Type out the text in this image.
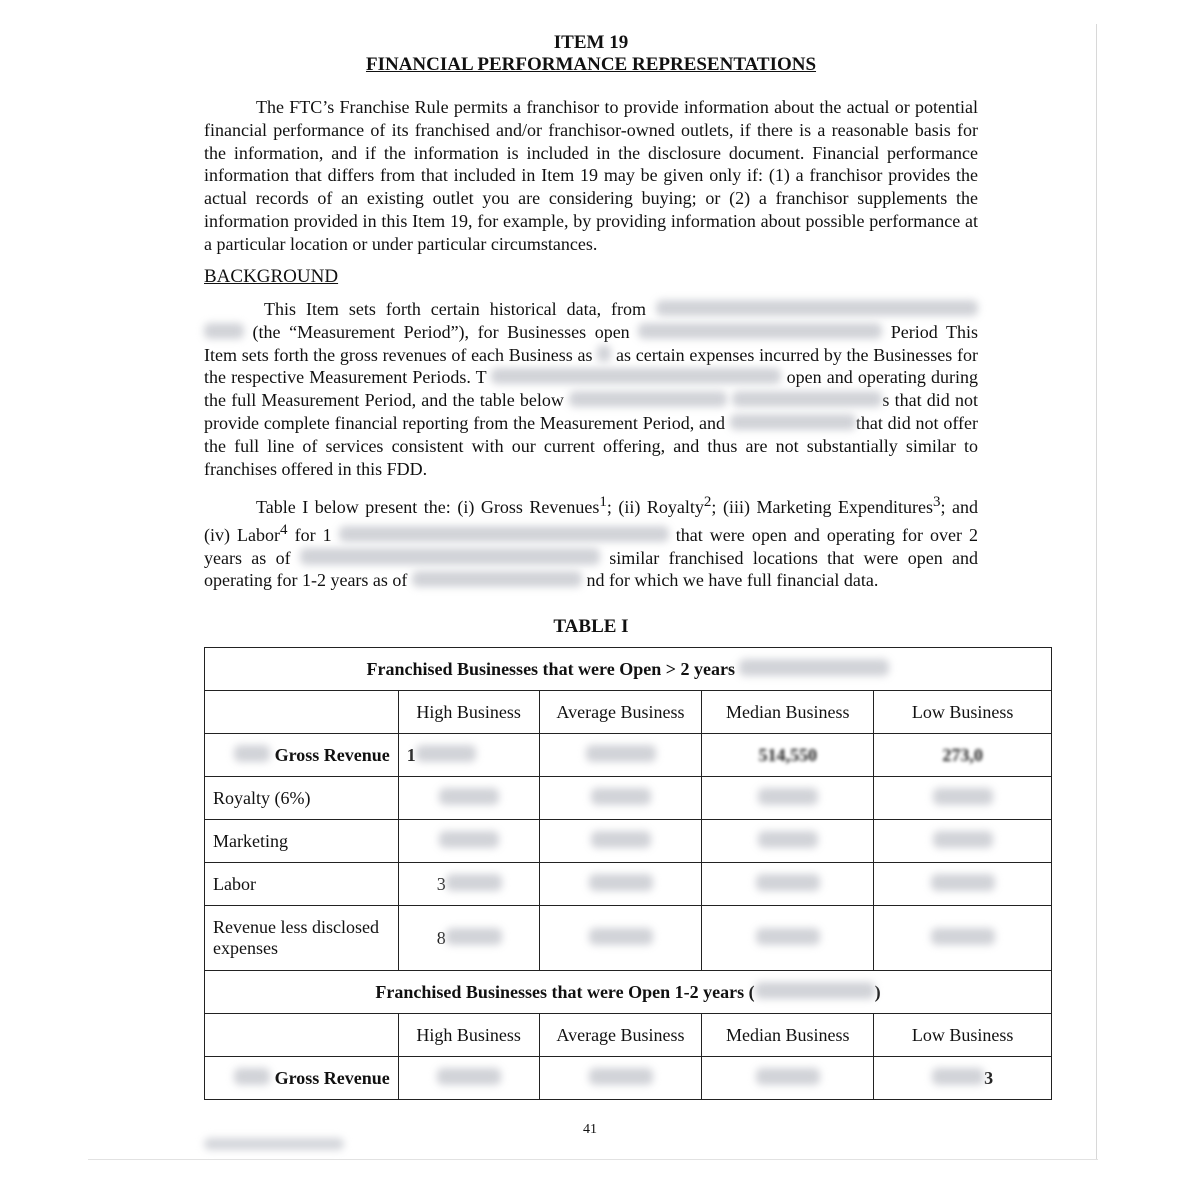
ITEM 19
FINANCIAL PERFORMANCE REPRESENTATIONS

The FTC’s Franchise Rule permits a franchisor to provide information about the actual or potential financial performance of its franchised and/or franchisor-owned outlets, if there is a reasonable basis for the information, and if the information is included in the disclosure document. Financial performance information that differs from that included in Item 19 may be given only if: (1) a franchisor provides the actual records of an existing outlet you are considering buying; or (2) a franchisor supplements the information provided in this Item 19, for example, by providing information about possible performance at a particular location or under particular circumstances.

BACKGROUND

This Item sets forth certain historical data, from   (the “Measurement Period”), for Businesses open	Period This Item sets forth the gross revenues of each Business as as certain expenses incurred by the Businesses for the respective Measurement Periods. T	open and operating during the full Measurement Period, and the table below	s that did not provide complete financial reporting from the Measurement Period, and	that did not offer the full line of services consistent with our current offering, and thus are not substantially similar to franchises offered in this FDD.

Table I below present the: (i) Gross Revenues$^1$; (ii) Royalty$^2$; (iii) Marketing Expenditures$^3$; and (iv) Labor$^4$ for 1	that were open and operating for over 2 years as of	similar franchised locations that were open and operating for 1-2 years as of	nd for which we have full financial data.

TABLE I
Franchised Businesses that were Open > 2 years				
	High Business	Average Business	Median Business	Low Business
Gross Revenue	1		514,550	273,0
Royalty (6%)				
Marketing				
Labor	3			
Revenue less disclosed expenses	8			
Franchised Businesses that were Open 1-2 years ( )				
	High Business	Average Business	Median Business	Low Business
Gross Revenue				3
41
